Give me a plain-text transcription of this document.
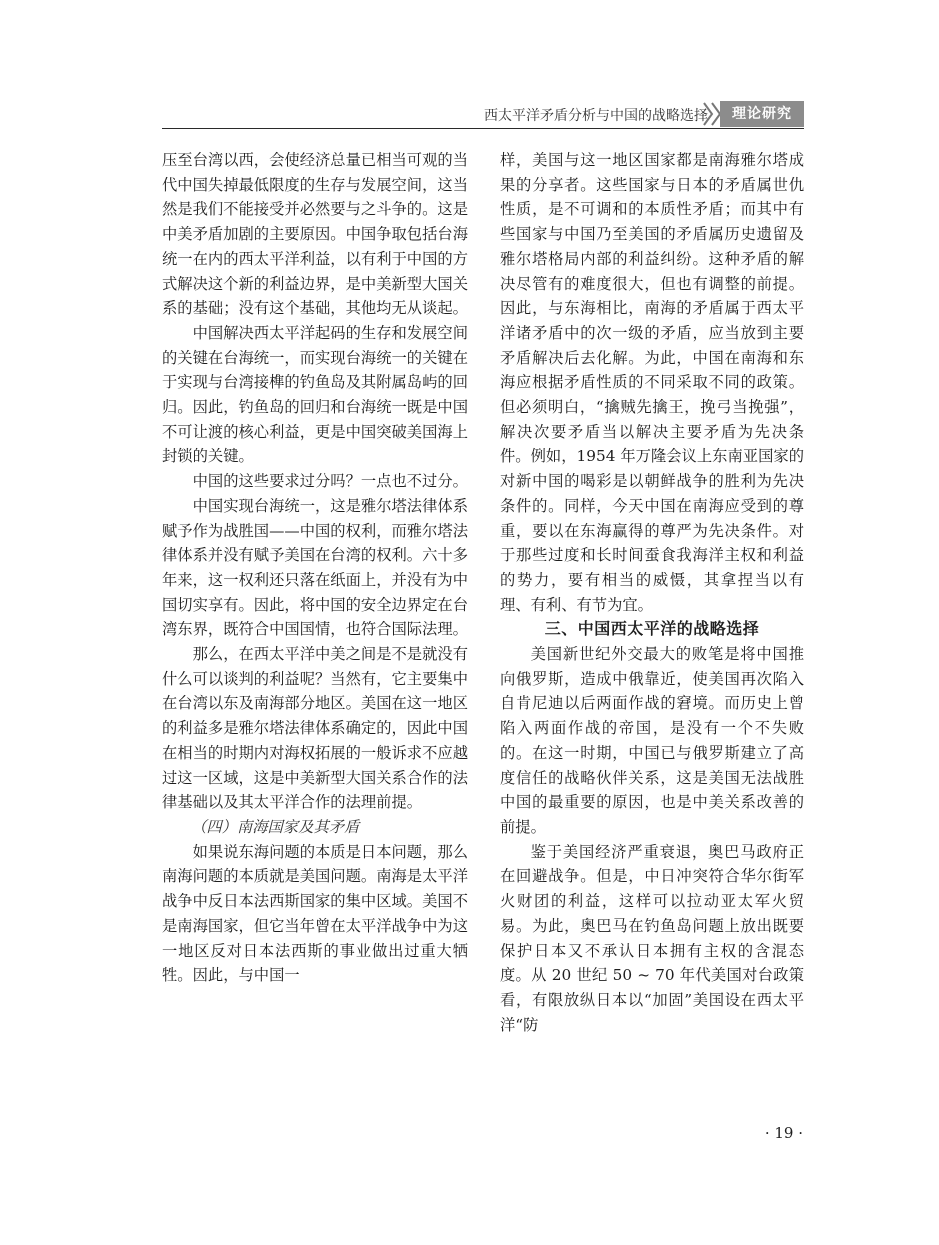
西太平洋矛盾分析与中国的战略选择	理论研究

压至台湾以西，会使经济总量已相当可观的当代中国失掉最低限度的生存与发展空间，这当然是我们不能接受并必然要与之斗争的。这是中美矛盾加剧的主要原因。中国争取包括台海统一在内的西太平洋利益，以有利于中国的方式解决这个新的利益边界，是中美新型大国关系的基础；没有这个基础，其他均无从谈起。

中国解决西太平洋起码的生存和发展空间的关键在台海统一，而实现台海统一的关键在于实现与台湾接榫的钓鱼岛及其附属岛屿的回归。因此，钓鱼岛的回归和台海统一既是中国不可让渡的核心利益，更是中国突破美国海上封锁的关键。

中国的这些要求过分吗？一点也不过分。

中国实现台海统一，这是雅尔塔法律体系赋予作为战胜国——中国的权利，而雅尔塔法律体系并没有赋予美国在台湾的权利。六十多年来，这一权利还只落在纸面上，并没有为中国切实享有。因此，将中国的安全边界定在台湾东界，既符合中国国情，也符合国际法理。

那么，在西太平洋中美之间是不是就没有什么可以谈判的利益呢？当然有，它主要集中在台湾以东及南海部分地区。美国在这一地区的利益多是雅尔塔法律体系确定的，因此中国在相当的时期内对海权拓展的一般诉求不应越过这一区域，这是中美新型大国关系合作的法律基础以及其太平洋合作的法理前提。

（四）南海国家及其矛盾

如果说东海问题的本质是日本问题，那么南海问题的本质就是美国问题。南海是太平洋战争中反日本法西斯国家的集中区域。美国不是南海国家，但它当年曾在太平洋战争中为这一地区反对日本法西斯的事业做出过重大牺牲。因此，与中国一

样，美国与这一地区国家都是南海雅尔塔成果的分享者。这些国家与日本的矛盾属世仇性质，是不可调和的本质性矛盾；而其中有些国家与中国乃至美国的矛盾属历史遗留及雅尔塔格局内部的利益纠纷。这种矛盾的解决尽管有的难度很大，但也有调整的前提。因此，与东海相比，南海的矛盾属于西太平洋诸矛盾中的次一级的矛盾，应当放到主要矛盾解决后去化解。为此，中国在南海和东海应根据矛盾性质的不同采取不同的政策。但必须明白，“擒贼先擒王，挽弓当挽强”，解决次要矛盾当以解决主要矛盾为先决条件。例如，1954 年万隆会议上东南亚国家的对新中国的喝彩是以朝鲜战争的胜利为先决条件的。同样，今天中国在南海应受到的尊重，要以在东海赢得的尊严为先决条件。对于那些过度和长时间蚕食我海洋主权和利益的势力，要有相当的威慑，其拿捏当以有理、有利、有节为宜。

三、中国西太平洋的战略选择

美国新世纪外交最大的败笔是将中国推向俄罗斯，造成中俄靠近，使美国再次陷入自肯尼迪以后两面作战的窘境。而历史上曾陷入两面作战的帝国，是没有一个不失败的。在这一时期，中国已与俄罗斯建立了高度信任的战略伙伴关系，这是美国无法战胜中国的最重要的原因，也是中美关系改善的前提。

鉴于美国经济严重衰退，奥巴马政府正在回避战争。但是，中日冲突符合华尔街军火财团的利益，这样可以拉动亚太军火贸易。为此，奥巴马在钓鱼岛问题上放出既要保护日本又不承认日本拥有主权的含混态度。从 20 世纪 50 ~ 70 年代美国对台政策看，有限放纵日本以“加固”美国设在西太平洋“防

· 19 ·
